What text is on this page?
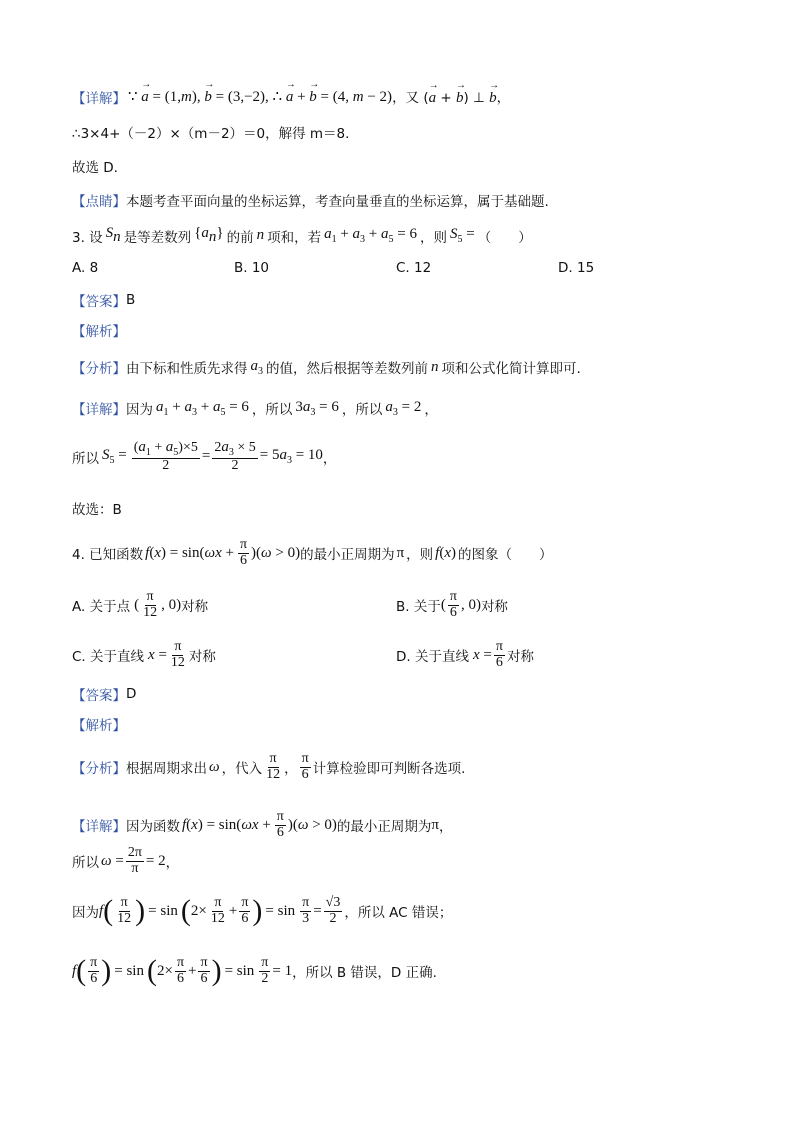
【详解】 ∵ → a = (1,m), → b = (3,−2), ∴ → a + → b = (4, m − 2) ，又 (→ a + → b) ⊥ → b，
∴3×4+（－2）×（m－2）＝0，解得 m＝8.
故选 D.
【点睛】 本题考查平面向量的坐标运算，考查向量垂直的坐标运算，属于基础题.
3. 设 $S_n$ 是等差数列 $\{a_n\}$ 的前 n 项和，若 $a_1 + a_3 + a_5 = 6$ ，则 $S_5$ = （　　）
A. 8	B. 10	C. 12	D. 15
【答案】 B
【解析】
【分析】 由下标和性质先求得 $a_3$ 的值，然后根据等差数列前 n 项和公式化简计算即可.
【详解】 因为 $a_1 + a_3 + a_5 = 6$ ，所以 $3a_3 = 6$ ，所以 $a_3 = 2$ ，
所以 $S_5 = \frac{(a_1 + a_5)\times 5}{2} = \frac{2a_3 \times 5}{2} = 5a_3 = 10$ ，
故选：B
4. 已知函数 $f(x) = \sin(\omega x + \frac{\pi}{6} )(\omega > 0)$ 的最小正周期为 π ，则 f(x) 的图象（　　）
A. 关于点 ( $\frac{\pi}{12}$ , 0) 对称	B. 关于 ( $\frac{\pi}{6}$ , 0) 对称
C. 关于直线 $x = \frac{\pi}{12}$ 对称	D. 关于直线 $x = \frac{\pi}{6}$ 对称
【答案】 D
【解析】
【分析】 根据周期求出 ω ，代入 $\frac{\pi}{12}$ ， $\frac{\pi}{6}$ 计算检验即可判断各选项.
【详解】 因为函数 $f(x) = \sin(\omega x + \frac{\pi}{6} )(\omega > 0)$ 的最小正周期为 π ，
所以 $\omega = \frac{2\pi}{\pi} = 2$ ，
因为 f ( $\frac{\pi}{12}$ ) = sin ( $2\times \frac{\pi}{12} + \frac{\pi}{6}$ ) = $\sin \frac{\pi}{3} = \frac{√3}{2}$ ，所以 AC 错误；
f ( $\frac{\pi}{6}$ ) = sin ( $2\times \frac{\pi}{6} + \frac{\pi}{6}$ ) = $\sin \frac{\pi}{2} = 1$ ，所以 B 错误，D 正确.
